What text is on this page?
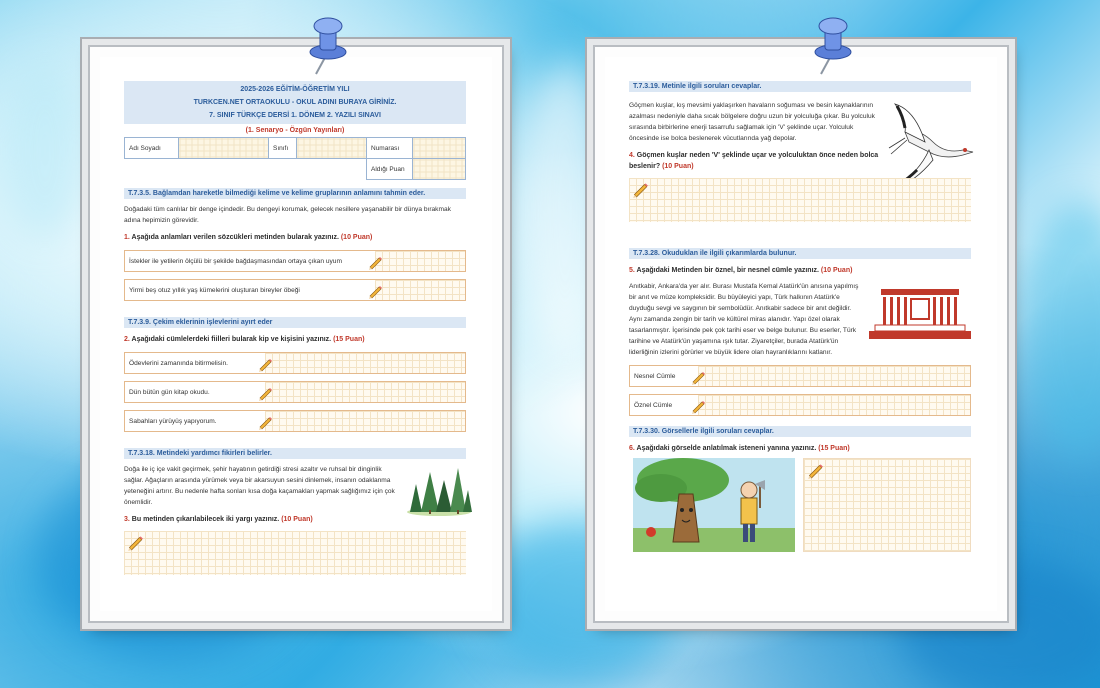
2025-2026 EĞİTİM-ÖĞRETİM YILI
TURKCEN.NET ORTAOKULU - OKUL ADINI BURAYA GİRİNİZ.
7. SINIF TÜRKÇE DERSİ 1. DÖNEM 2. YAZILI SINAVI
(1. Senaryo - Özgün Yayınları)
Adı Soyadı		Sınıfı		Numarası	
				Aldığı Puan	
T.7.3.5. Bağlamdan hareketle bilmediği kelime ve kelime gruplarının anlamını tahmin eder.
Doğadaki tüm canlılar bir denge içindedir. Bu dengeyi korumak, gelecek nesillere yaşanabilir bir dünya bırakmak adına hepimizin görevidir.
1. Aşağıda anlamları verilen sözcükleri metinden bularak yazınız. (10 Puan)
İstekler ile yetilerin ölçülü bir şekilde bağdaşmasından ortaya çıkan uyum
Yirmi beş otuz yıllık yaş kümelerini oluşturan bireyler öbeği
T.7.3.9. Çekim eklerinin işlevlerini ayırt eder
2. Aşağıdaki cümlelerdeki fiilleri bularak kip ve kişisini yazınız. (15 Puan)
Ödevlerini zamanında bitirmelisin.
Dün bütün gün kitap okudu.
Sabahları yürüyüş yapıyorum.
T.7.3.18. Metindeki yardımcı fikirleri belirler.
Doğa ile iç içe vakit geçirmek, şehir hayatının getirdiği stresi azaltır ve ruhsal bir dinginlik sağlar. Ağaçların arasında yürümek veya bir akarsuyun sesini dinlemek, insanın odaklanma yeteneğini artırır. Bu nedenle hafta sonları kısa doğa kaçamakları yapmak sağlığımız için çok önemlidir.
3. Bu metinden çıkarılabilecek iki yargı yazınız. (10 Puan)
T.7.3.19. Metinle ilgili soruları cevaplar.
Göçmen kuşlar, kış mevsimi yaklaşırken havaların soğuması ve besin kaynaklarının azalması nedeniyle daha sıcak bölgelere doğru uzun bir yolculuğa çıkar. Bu yolculuk sırasında birbirlerine enerji tasarrufu sağlamak için 'V' şeklinde uçar. Yolculuk öncesinde ise bolca beslenerek vücutlarında yağ depolar.
4. Göçmen kuşlar neden 'V' şeklinde uçar ve yolculuktan önce neden bolca beslenir? (10 Puan)
T.7.3.28. Okuduklan ile ilgili çıkarımlarda bulunur.
5. Aşağıdaki Metinden bir öznel, bir nesnel cümle yazınız. (10 Puan)
Anıtkabir, Ankara'da yer alır. Burası Mustafa Kemal Atatürk'ün anısına yapılmış bir anıt ve müze kompleksidir. Bu büyüleyici yapı, Türk halkının Atatürk'e duyduğu sevgi ve saygının bir sembolüdür. Anıtkabir sadece bir anıt değildir. Aynı zamanda zengin bir tarih ve kültürel miras alanıdır. Yapı özel olarak tasarlanmıştır. İçerisinde pek çok tarihi eser ve belge bulunur. Bu eserler, Türk tarihine ve Atatürk'ün yaşamına ışık tutar. Ziyaretçiler, burada Atatürk'ün liderliğinin izlerini görürler ve büyük lidere olan hayranlıklarını katlanır.
Nesnel Cümle
Öznel Cümle
T.7.3.30. Görsellerle ilgili soruları cevaplar.
6. Aşağıdaki görselde anlatılmak isteneni yanına yazınız. (15 Puan)
